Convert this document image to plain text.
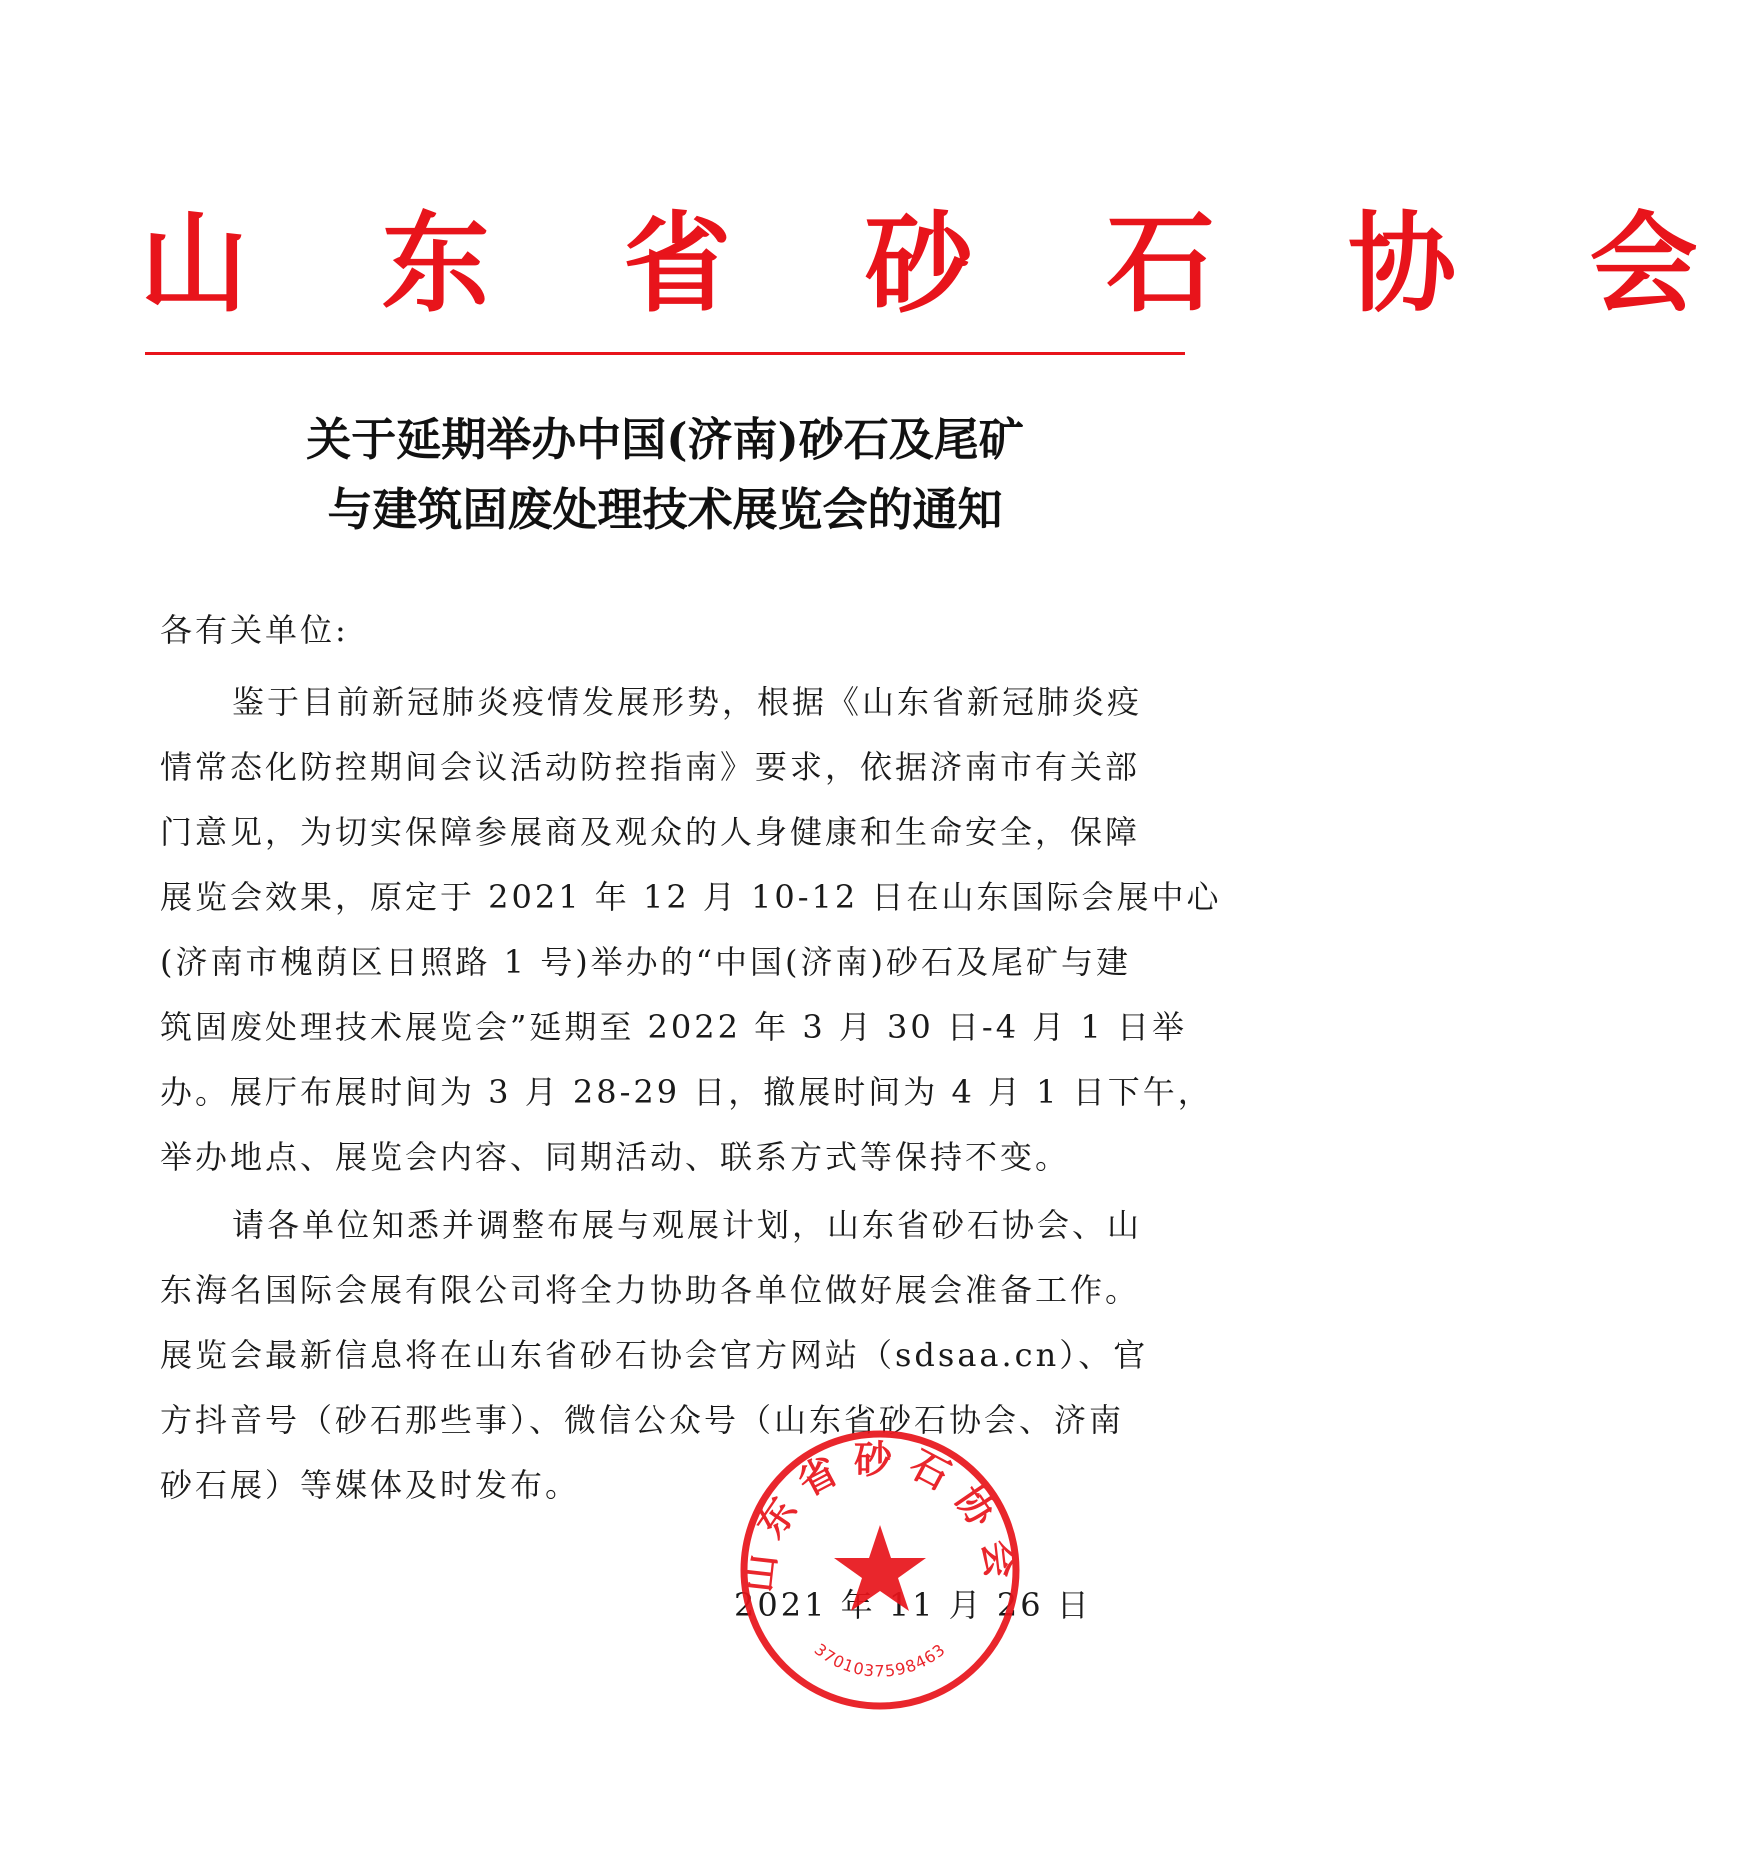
山 东 省 砂 石 协 会
关于延期举办中国(济南)砂石及尾矿
与建筑固废处理技术展览会的通知
各有关单位:
鉴于目前新冠肺炎疫情发展形势，根据《山东省新冠肺炎疫
情常态化防控期间会议活动防控指南》要求，依据济南市有关部
门意见，为切实保障参展商及观众的人身健康和生命安全，保障
展览会效果，原定于 2021 年 12 月 10-12 日在山东国际会展中心
(济南市槐荫区日照路 1 号)举办的“中国(济南)砂石及尾矿与建
筑固废处理技术展览会”延期至 2022 年 3 月 30 日-4 月 1 日举
办。展厅布展时间为 3 月 28-29 日，撤展时间为 4 月 1 日下午，
举办地点、展览会内容、同期活动、联系方式等保持不变。
请各单位知悉并调整布展与观展计划，山东省砂石协会、山
东海名国际会展有限公司将全力协助各单位做好展会准备工作。
展览会最新信息将在山东省砂石协会官方网站（sdsaa.cn）、官
方抖音号（砂石那些事）、微信公众号（山东省砂石协会、济南
砂石展）等媒体及时发布。
2021 年 11 月 26 日
山东省砂石协会
3701037598463
